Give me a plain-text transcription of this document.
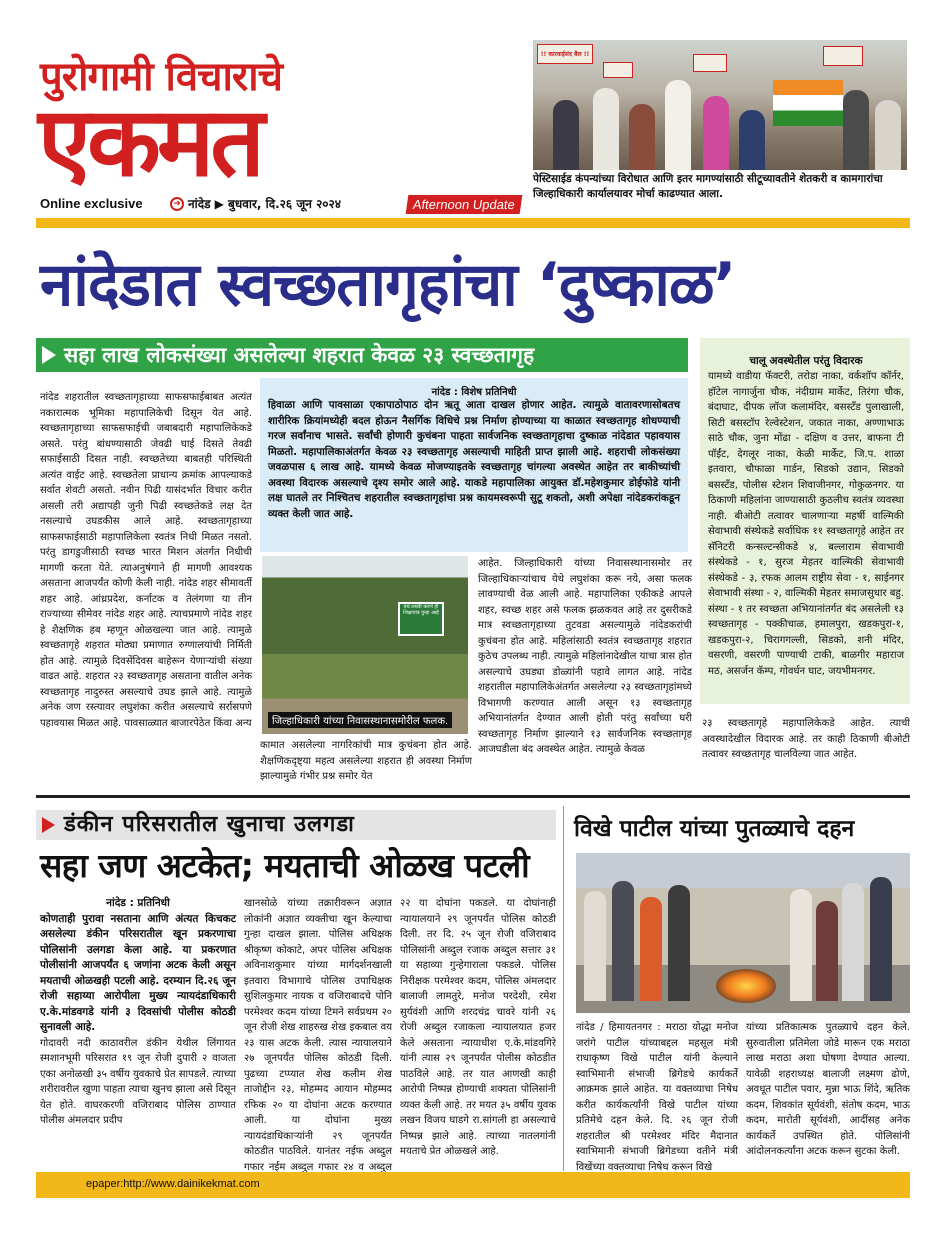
पुरोगामी विचाराचे
एकमत
Online exclusive	➜ नांदेड ▶ बुधवार, दि.२६ जून २०२४	Afternoon Update
!! कारवाईसंद बैल !!
पेस्टिसाईड कंपन्यांच्या विरोधात आणि इतर मागण्यांसाठी सीटूच्यावतीने शेतकरी व कामगारांचा जिल्हाधिकारी कार्यालयावर मोर्चा काढण्यात आला.
नांदेडात स्वच्छतागृहांचा ‘दुष्काळ’
सहा लाख लोकसंख्या असलेल्या शहरात केवळ २३ स्वच्छतागृह
नांदेड शहरातील स्वच्छतागृहाच्या साफसफाईबाबत अत्यंत नकारात्मक भूमिका महापालिकेची दिसून येत आहे. स्वच्छतागृहाच्या साफसफाईची जबाबदारी महापालिकेकडे असते. परंतु बांधण्यासाठी जेवढी घाई दिसते तेवढी सफाईसाठी दिसत नाही. स्वच्छतेच्या बाबतही परिस्थिती अत्यंत वाईट आहे. स्वच्छतेला प्राधान्य क्रमांक आपल्याकडे सर्वात शेवटी असतो. नवीन पिढी यासंदर्भात विचार करीत असली तरी अद्यापही जुनी पिढी स्वच्छतेकडे लक्ष देत नसल्याचे उघडकीस आले आहे. स्वच्छतागृहाच्या साफसफाईसाठी महापालिकेला स्वतंत्र निधी मिळत नसतो. परंतु डागडुजीसाठी स्वच्छ भारत मिशन अंतर्गत निधीची मागणी करता येते. त्याअनुषंगाने ही मागणी आवश्यक असताना आजपर्यंत कोणी केली नाही. नांदेड शहर सीमावर्ती शहर आहे. आंध्रप्रदेश, कर्नाटक व तेलंगणा या तीन राज्याच्या सीमेवर नांदेड शहर आहे. त्याचप्रमाणे नांदेड शहर हे शैक्षणिक हब म्हणून ओळखल्या जात आहे. त्यामुळे स्वच्छतागृहे शहरात मोठ्या प्रमाणात रुग्णालयांची निर्मिती होत आहे. त्यामुळे दिवसेंदिवस बाहेरून येणाऱ्यांची संख्या वाढत आहे. शहरात २३ स्वच्छतागृह असताना वातील अनेक स्वच्छतागृह नादुरुस्त असल्याचे उघड झाले आहे. त्यामुळे अनेक जण रस्त्यावर लघुशंका करीत असल्याचे सर्रासपणे पहावयास मिळत आहे. पावसाळ्यात बाजारपेठेत किंवा अन्य
नांदेड : विशेष प्रतिनिधी

हिवाळा आणि पावसाळा एकापाठोपाठ दोन ऋतू आता दाखल होणार आहेत. त्यामुळे वातावरणासोबतच शारीरिक क्रियांमध्येही बदल होऊन नैसर्गिक विधिचे प्रश्न निर्माण होण्याच्या या काळात स्वच्छतागृह शोधण्याची गरज सर्वांनाच भासते. सर्वांची होणारी कुचंबना पाहता सार्वजनिक स्वच्छतागृहाचा दुष्काळ नांदेडात पहावयास मिळतो. महापालिकाअंतर्गत केवळ २३ स्वच्छतागृह असल्याची माहिती प्राप्त झाली आहे. शहराची लोकसंख्या जवळपास ६ लाख आहे. यामध्ये केवळ मोजण्याइतके स्वच्छतागृह चांगल्या अवस्थेत आहेत तर बाकीच्यांची अवस्था विदारक असल्याचे दृश्य समोर आले आहे. याकडे महापालिका आयुक्त डॉ.महेशकुमार डोईफोडे यांनी लक्ष घातले तर निश्चितच शहरातील स्वच्छतागृहांचा प्रश्न कायमस्वरूपी सुटू शकतो, अशी अपेक्षा नांदेडकरांकडून व्यक्त केली जात आहे.

येथे लघवी करणे ही शिक्षापात्र गुन्हा आहे
जिल्हाधिकारी यांच्या निवासस्थानासमोरील फलक.
कामात असलेल्या नागरिकांची मात्र कुचंबना होत आहे. शैक्षणिकदृष्ट्या महत्व असलेल्या शहरात ही अवस्था निर्माण झाल्यामुळे गंभीर प्रश्न समोर येत
आहेत. जिल्हाधिकारी यांच्या निवासस्थानासमोर तर जिल्हाधिकाऱ्यांचाच येथे लघुशंका करू नये, असा फलक लावण्याची वेळ आली आहे. महापालिका एकीकडे आपले शहर, स्वच्छ शहर असे फलक झळकवत आहे तर दुसरीकडे मात्र स्वच्छतागृहाच्या तुटवडा असल्यामुळे नांदेडकरांची कुचंबना होत आहे. महिलांसाठी स्वतंत्र स्वच्छतागृह शहरात कुठेच उपलब्ध नाही. त्यामुळे महिलांनादेखील याचा त्रास होत असल्याचे उघड्या डोळ्यांनी पहावे लागत आहे. नांदेड शहरातील महापालिकेअंतर्गत असलेल्या २३ स्वच्छतागृहांमध्ये विभागणी करण्यात आली असून १३ स्वच्छतागृह अभियानांतर्गत देण्यात आली होती परंतु सर्वांच्या घरी स्वच्छतागृह निर्माण झाल्याने १३ सार्वजनिक स्वच्छतागृह आजघडीला बंद अवस्थेत आहेत. त्यामुळे केवळ
चालू अवस्थेतील परंतु विदारक
यामध्ये वाडीया फॅक्टरी, तरोडा नाका, वर्कशॉप कॉर्नर, हॉटेल नागार्जुना चौक, नंदीग्राम मार्केट, तिरंगा चौक, बंदाघाट, दीपक लॉज कलामंदिर, बसस्टँड पुलाखाली, सिटी बसस्टॉप रेल्वेस्टेशन, जकात नाका, अण्णाभाऊ साठे चौक, जुना मोंढा - दक्षिण व उत्तर, बाफना टी पॉईंट, देगलूर नाका, केळी मार्केट, जि.प. शाळा इतवारा, चौफाळा गार्डन, सिडको उद्यान, सिडको बसस्टँड, पोलीस स्टेशन शिवाजीनगर, गोकुळनगर. या ठिकाणी महिलांना जाण्यासाठी कुठलीच स्वतंत्र व्यवस्था नाही. बीओटी तत्वावर चालणाऱ्या महर्षी वाल्मिकी सेवाभावी संस्थेकडे सर्वाधिक ११ स्वच्छतागृहे आहेत तर सॅनिटरी कन्सल्टन्सीकडे ४, बल्लाराम सेवाभावी संस्थेकडे - १, सुरज मेहतर वाल्मिकी सेवाभावी संस्थेकडे - ३, रफक आलम राष्ट्रीय सेवा - १, साईनगर सेवाभावी संस्था - २, वाल्मिकी मेहतर समाजसुधार बहु. संस्था - १ तर स्वच्छता अभियानांतर्गत बंद असलेली १३ स्वच्छतागृह - पक्कीचाळ, हमालपुरा, खडकपुरा-१, खडकपुरा-२, चिरागगल्ली, सिडको, शनी मंदिर, वसरणी, वसरणी पाण्याची टाकी, बाळगीर महाराज मठ, असर्जन कॅम्प, गोवर्धन घाट, जयभीमनगर.
२३ स्वच्छतागृहे महापालिकेकडे आहेत. त्याची अवस्थादेखील विदारक आहे. तर काही ठिकाणी बीओटी तत्वावर स्वच्छतागृह चालविल्या जात आहेत.
डंकीन परिसरातील खुनाचा उलगडा
सहा जण अटकेत; मयताची ओळख पटली
नांदेड : प्रतिनिधी
कोणताही पुरावा नसताना आणि अंत्यत किचकट असलेल्या डंकीन परिसरातील खून प्रकरणाचा पोलिसांनी उलगडा केला आहे. या प्रकरणात पोलीसांनी आजपर्यंत ६ जणांना अटक केली असून मयताची ओळखही पटली आहे. दरम्यान दि.२६ जून रोजी सहाय्या आरोपीला मुख्य न्यायदंडाधिकारी ए.के.मांडवगडे यांनी ३ दिवसांची पोलीस कोठडी सुनावली आहे.
गोदावरी नदी काठावरील डंकीन येथील लिंगायत स्मशानभूमी परिसरात १९ जून रोजी दुपारी २ वाजता एका अनोळखी ३५ वर्षीय युवकाचे प्रेत सापडले. त्याच्या शरीरावरील खुणा पाहता त्याचा खुनच झाला असे दिसून येत होते. वाघरकरणी वजिराबाद पोलिस ठाण्यात पोलीस अंमलदार प्रदीप
खानसोळे यांच्या तक्रारीवरून अज्ञात लोकांनी अज्ञात व्यक्तीचा खून केल्याचा गुन्हा दाखल झाला. पोलिस अधिक्षक श्रीकृष्ण कोकाटे, अपर पोलिस अधिक्षक अविनाशकुमार यांच्या मार्गदर्शनखाली इतवारा विभागाचे पोलिस उपाधिक्षक सुशिलकुमार नायक व वजिराबादचे पोनि परमेश्वर कदम यांच्या टिमने सर्वप्रथम २० जून रोजी शेख शाहरुख शेख इकबाल वय २३ यास अटक केली. त्यास न्यायालयाने २७ जूनपर्यंत पोलिस कोठडी दिली. पुढच्या टप्प्यात शेख कलीम शेख ताजोद्दीन २३, मोहम्मद आयान मोहम्मद रफिक २० या दोघांना अटक करण्यात आली. या दोघांना मुख्य न्यायदंडाधिकाऱ्यांनी २९ जूनपर्यंत कोठडीत पाठविले. यानंतर नईफ अब्दुल गफार नईम अब्दुल गफार २४ व अब्दुल
२२ या दोघांना पकडले. या दोघांनाही न्यायालयाने २९ जूनपर्यंत पोलिस कोठडी दिली. तर दि. २५ जून रोजी वजिराबाद पोलिसांनी अब्दुल रजाक अब्दुल सत्तार ३१ या सहाव्या गुन्हेगाराला पकडले. पोलिस निरीक्षक परमेश्वर कदम, पोलिस अंमलदार बालाजी लामतुरे, मनोज परदेशी, रमेश सुर्यवंशी आणि शरदचंद्र चावरे यांनी २६ रोजी अब्दुल रजाकला न्यायालयात हजर केले असताना न्यायाधीश ए.के.मांडवगिरे यांनी त्यास २९ जूनपर्यंत पोलीस कोठडीत पाठविले आहे. तर यात आणखी काही आरोपी निष्पन्न होण्याची शक्यता पोलिसांनी व्यक्त केली आहे. तर मयत ३५ वर्षीय युवक लखन विजय घाडगे रा.सांगली हा असल्याचे निष्पन्न झाले आहे. त्याच्या नातलगांनी मयताचे प्रेत ओळखले आहे.
विखे पाटील यांच्या पुतळ्याचे दहन
नांदेड / हिमायतनगर : मराठा योद्धा मनोज जरांगे पाटील यांच्याबद्दल महसूल मंत्री राधाकृष्ण विखे पाटील यांनी केल्याने स्वाभिमानी संभाजी ब्रिगेडचे कार्यकर्ते आक्रमक झाले आहेत. या वक्तव्याचा निषेध करीत कार्यकर्त्यांनी विखे पाटील यांच्या प्रतिमेचे दहन केले. दि. २६ जून रोजी शहरातील श्री परमेश्वर मंदिर मैदानात स्वाभिमानी संभाजी ब्रिगेडच्या वतीने मंत्री विखेंच्या वक्तव्याचा निषेध करून विखे
यांच्या प्रतिकात्मक पुतळ्याचे दहन केले. सुरुवातीला प्रतिमेला जोडे मारून एक मराठा लाख मराठा अशा घोषणा देण्यात आल्या. यावेळी शहराध्यक्ष बालाजी लक्ष्मण ढोणे, अवधूत पाटील पवार, मुन्ना भाऊ शिंदे, ऋतिक कदम, शिवकांत सूर्यवंशी, संतोष कदम, भाऊ कदम, मारोती सूर्यवंशी, आदींसह अनेक कार्यकर्ते उपस्थित होते. पोलिसांनी आंदोलनकर्त्यांना अटक करून सुटका केली.
epaper:http://www.dainikekmat.com
